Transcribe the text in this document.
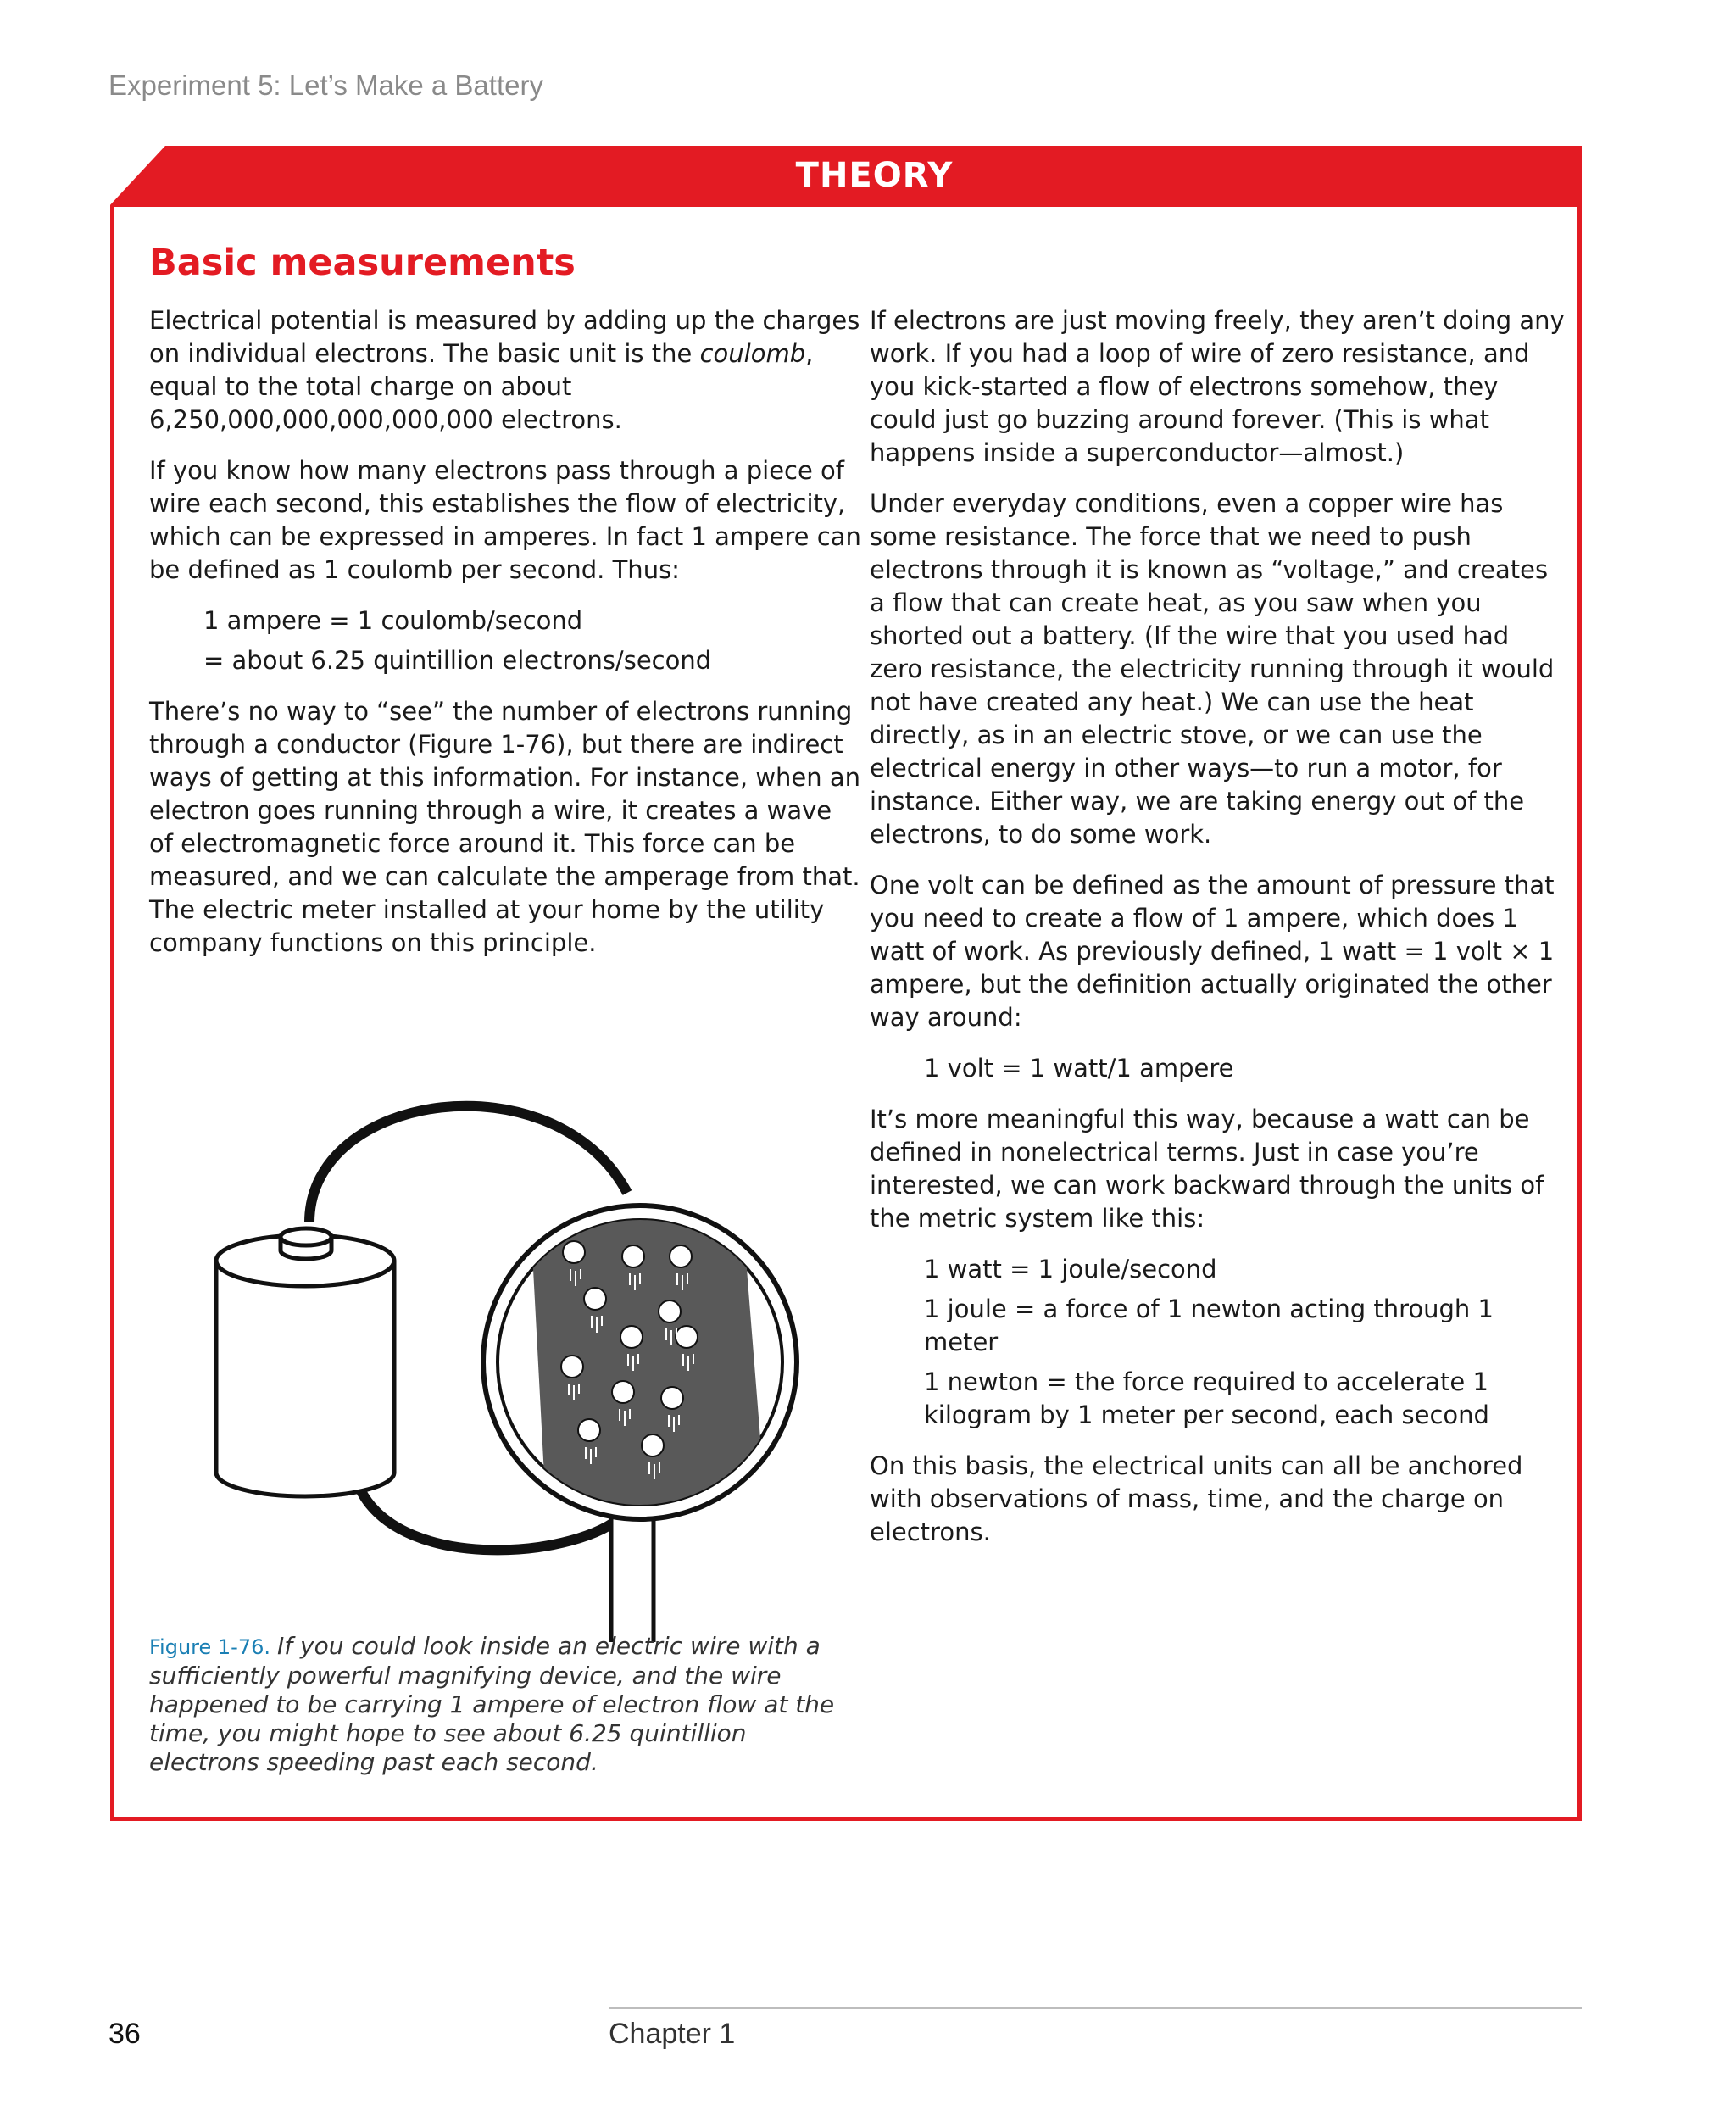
Experiment 5: Let’s Make a Battery
THEORY
Basic measurements

Electrical potential is measured by adding up the charges on individual electrons. The basic unit is the coulomb, equal to the total charge on about 6,250,000,000,000,000,000 electrons.

If you know how many electrons pass through a piece of wire each second, this establishes the flow of electricity, which can be expressed in amperes. In fact 1 ampere can be defined as 1 coulomb per second. Thus:

1 ampere = 1 coulomb/second

= about 6.25 quintillion electrons/second

There’s no way to “see” the number of electrons running through a conductor (Figure 1-76), but there are indirect ways of getting at this information. For instance, when an electron goes running through a wire, it creates a wave of electromagnetic force around it. This force can be measured, and we can calculate the amperage from that. The electric meter installed at your home by the utility company functions on this principle.

If electrons are just moving freely, they aren’t doing any work. If you had a loop of wire of zero resistance, and you kick-started a flow of electrons somehow, they could just go buzzing around forever. (This is what happens inside a superconductor—almost.)

Under everyday conditions, even a copper wire has some resistance. The force that we need to push electrons through it is known as “voltage,” and creates a flow that can create heat, as you saw when you shorted out a battery. (If the wire that you used had zero resistance, the electricity running through it would not have created any heat.) We can use the heat directly, as in an electric stove, or we can use the electrical energy in other ways—to run a motor, for instance. Either way, we are taking energy out of the electrons, to do some work.

One volt can be defined as the amount of pressure that you need to create a flow of 1 ampere, which does 1 watt of work. As previously defined, 1 watt = 1 volt × 1 ampere, but the definition actually originated the other way around:

1 volt = 1 watt/1 ampere

It’s more meaningful this way, because a watt can be defined in nonelectrical terms. Just in case you’re interested, we can work backward through the units of the metric system like this:

1 watt = 1 joule/second

1 joule = a force of 1 newton acting through 1 meter

1 newton = the force required to accelerate 1 kilogram by 1 meter per second, each second

On this basis, the electrical units can all be anchored with observations of mass, time, and the charge on electrons.

Figure 1-76. If you could look inside an electric wire with a sufficiently powerful magnifying device, and the wire happened to be carrying 1 ampere of electron flow at the time, you might hope to see about 6.25 quintillion electrons speeding past each second.
36	Chapter 1
